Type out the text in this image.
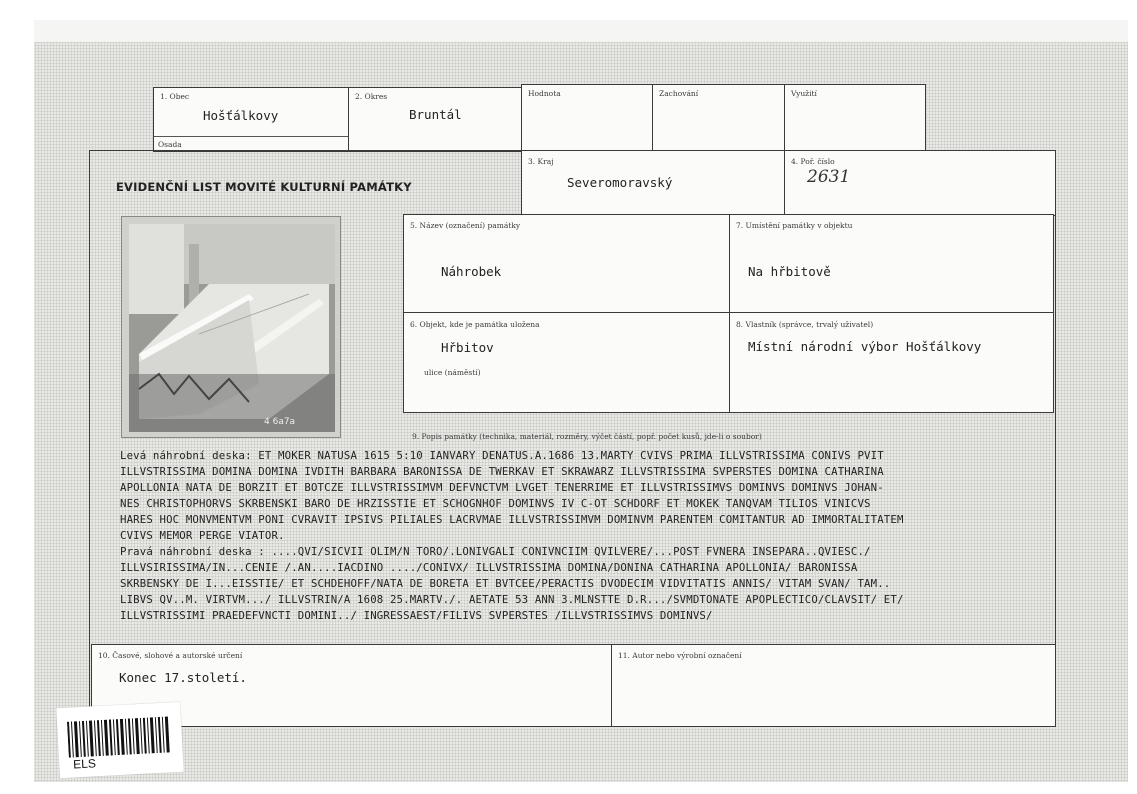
1. Obec
Hošťálkovy
Osada
2. Okres
Bruntál
Hodnota	Zachování	Využití
EVIDENČNÍ LIST MOVITÉ KULTURNÍ PAMÁTKY
3. Kraj
Severomoravský
4. Poř. číslo
2631
4 6a7a
5. Název (označení) památky
Náhrobek
7. Umístění památky v objektu
Na hřbitově
6. Objekt, kde je památka uložena
Hřbitov
ulice (náměstí)
8. Vlastník (správce, trvalý uživatel)
Místní národní výbor Hošťálkovy
9. Popis památky (technika, materiál, rozměry, výčet částí, popř. počet kusů, jde-li o soubor)
Levá náhrobní deska: ET MOKER NATUSA 1615 5:10 IANVARY DENATUS.A.1686 13.MARTY CVIVS PRIMA ILLVSTRISSIMA CONIVS PVIT
ILLVSTRISSIMA DOMINA DOMINA IVDITH BARBARA BARONISSA DE TWERKAV ET SKRAWARZ ILLVSTRISSIMA SVPERSTES DOMINA CATHARINA
APOLLONIA NATA DE BORZIT ET BOTCZE ILLVSTRISSIMVM DEFVNCTVM LVGET TENERRIME ET ILLVSTRISSIMVS DOMINVS DOMINVS JOHAN-
NES CHRISTOPHORVS SKRBENSKI BARO DE HRZISSTIE ET SCHOGNHOF DOMINVS IV C-OT SCHDORF ET MOKEK TANQVAM TILIOS VINICVS
HARES HOC MONVMENTVM PONI CVRAVIT IPSIVS PILIALES LACRVMAE ILLVSTRISSIMVM DOMINVM PARENTEM COMITANTUR AD IMMORTALITATEM
CVIVS MEMOR PERGE VIATOR.
Pravá náhrobní deska : ....QVI/SICVII OLIM/N TORO/.LONIVGALI CONIVNCIIM QVILVERE/...POST FVNERA INSEPARA..QVIESC./
ILLVSIRISSIMA/IN...CENIE /.AN....IACDINO ..../CONIVX/ ILLVSTRISSIMA DOMINA/DONINA CATHARINA APOLLONIA/ BARONISSA
SKRBENSKY DE I...EISSTIE/ ET SCHDEHOFF/NATA DE BORETA ET BVTCEE/PERACTIS DVODECIM VIDVITATIS ANNIS/ VITAM SVAN/ TAM..
LIBVS QV..M. VIRTVM.../ ILLVSTRIN/A 1608 25.MARTV./. AETATE 53 ANN 3.MLNSTTE D.R.../SVMDTONATE APOPLECTICO/CLAVSIT/ ET/
ILLVSTRISSIMI PRAEDEFVNCTI DOMINI../ INGRESSAEST/FILIVS SVPERSTES /ILLVSTRISSIMVS DOMINVS/
10. Časové, slohové a autorské určení
Konec 17.století.
11. Autor nebo výrobní označení
ELS
